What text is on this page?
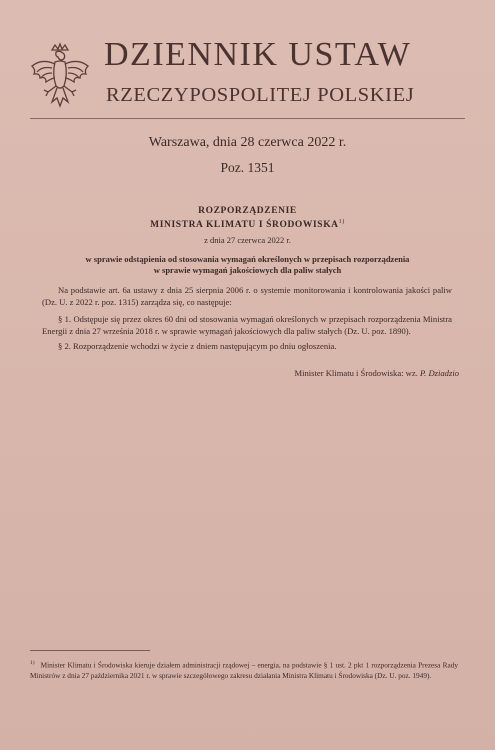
DZIENNIK USTAW
RZECZYPOSPOLITEJ POLSKIEJ
Warszawa, dnia 28 czerwca 2022 r.
Poz. 1351
ROZPORZĄDZENIE
MINISTRA KLIMATU I ŚRODOWISKA$^{1)}$
z dnia 27 czerwca 2022 r.
w sprawie odstąpienia od stosowania wymagań określonych w przepisach rozporządzenia
w sprawie wymagań jakościowych dla paliw stałych
Na podstawie art. 6a ustawy z dnia 25 sierpnia 2006 r. o systemie monitorowania i kontrolowania jakości paliw (Dz. U. z 2022 r. poz. 1315) zarządza się, co następuje:
§ 1. Odstępuje się przez okres 60 dni od stosowania wymagań określonych w przepisach rozporządzenia Ministra Energii z dnia 27 września 2018 r. w sprawie wymagań jakościowych dla paliw stałych (Dz. U. poz. 1890).
§ 2. Rozporządzenie wchodzi w życie z dniem następującym po dniu ogłoszenia.
Minister Klimatu i Środowiska: wz. P. Dziadzio
$^{1)}$ Minister Klimatu i Środowiska kieruje działem administracji rządowej – energia, na podstawie § 1 ust. 2 pkt 1 rozporządzenia Prezesa Rady Ministrów z dnia 27 października 2021 r. w sprawie szczegółowego zakresu działania Ministra Klimatu i Środowiska (Dz. U. poz. 1949).
